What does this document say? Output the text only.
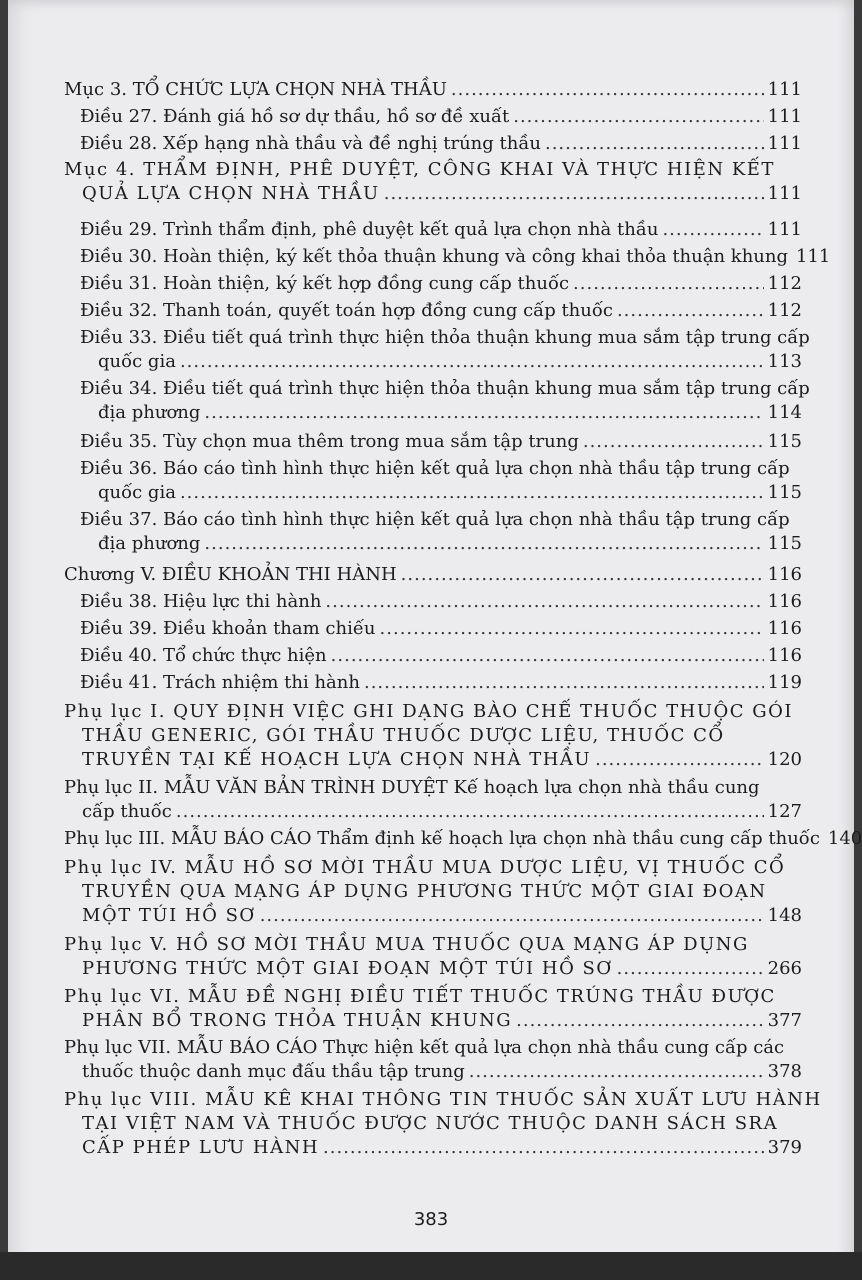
Mục 3. TỔ CHỨC LỰA CHỌN NHÀ THẦU .....	111
Điều 27. Đánh giá hồ sơ dự thầu, hồ sơ đề xuất .....	111
Điều 28. Xếp hạng nhà thầu và đề nghị trúng thầu .....	111
Mục 4. THẨM ĐỊNH, PHÊ DUYỆT, CÔNG KHAI VÀ THỰC HIỆN KẾT
QUẢ LỰA CHỌN NHÀ THẦU .....	111
Điều 29. Trình thẩm định, phê duyệt kết quả lựa chọn nhà thầu .....	111
Điều 30. Hoàn thiện, ký kết thỏa thuận khung và công khai thỏa thuận khung 111
Điều 31. Hoàn thiện, ký kết hợp đồng cung cấp thuốc .....	112
Điều 32. Thanh toán, quyết toán hợp đồng cung cấp thuốc .....	112
Điều 33. Điều tiết quá trình thực hiện thỏa thuận khung mua sắm tập trung cấp
quốc gia .....	113
Điều 34. Điều tiết quá trình thực hiện thỏa thuận khung mua sắm tập trung cấp
địa phương .....	114
Điều 35. Tùy chọn mua thêm trong mua sắm tập trung .....	115
Điều 36. Báo cáo tình hình thực hiện kết quả lựa chọn nhà thầu tập trung cấp
quốc gia .....	115
Điều 37. Báo cáo tình hình thực hiện kết quả lựa chọn nhà thầu tập trung cấp
địa phương .....	115
Chương V. ĐIỀU KHOẢN THI HÀNH .....	116
Điều 38. Hiệu lực thi hành .....	116
Điều 39. Điều khoản tham chiếu .....	116
Điều 40. Tổ chức thực hiện .....	116
Điều 41. Trách nhiệm thi hành .....	119
Phụ lục I. QUY ĐỊNH VIỆC GHI DẠNG BÀO CHẾ THUỐC THUỘC GÓI
THẦU GENERIC, GÓI THẦU THUỐC DƯỢC LIỆU, THUỐC CỔ
TRUYỀN TẠI KẾ HOẠCH LỰA CHỌN NHÀ THẦU .....	120
Phụ lục II. MẪU VĂN BẢN TRÌNH DUYỆT Kế hoạch lựa chọn nhà thầu cung
cấp thuốc .....	127
Phụ lục III. MẪU BÁO CÁO Thẩm định kế hoạch lựa chọn nhà thầu cung cấp thuốc 140
Phụ lục IV. MẪU HỒ SƠ MỜI THẦU MUA DƯỢC LIỆU, VỊ THUỐC CỔ
TRUYỀN QUA MẠNG ÁP DỤNG PHƯƠNG THỨC MỘT GIAI ĐOẠN
MỘT TÚI HỒ SƠ .....	148
Phụ lục V. HỒ SƠ MỜI THẦU MUA THUỐC QUA MẠNG ÁP DỤNG
PHƯƠNG THỨC MỘT GIAI ĐOẠN MỘT TÚI HỒ SƠ .....	266
Phụ lục VI. MẪU ĐỀ NGHỊ ĐIỀU TIẾT THUỐC TRÚNG THẦU ĐƯỢC
PHÂN BỔ TRONG THỎA THUẬN KHUNG .....	377
Phụ lục VII. MẪU BÁO CÁO Thực hiện kết quả lựa chọn nhà thầu cung cấp các
thuốc thuộc danh mục đấu thầu tập trung .....	378
Phụ lục VIII. MẪU KÊ KHAI THÔNG TIN THUỐC SẢN XUẤT LƯU HÀNH
TẠI VIỆT NAM VÀ THUỐC ĐƯỢC NƯỚC THUỘC DANH SÁCH SRA
CẤP PHÉP LƯU HÀNH .....	379
383
